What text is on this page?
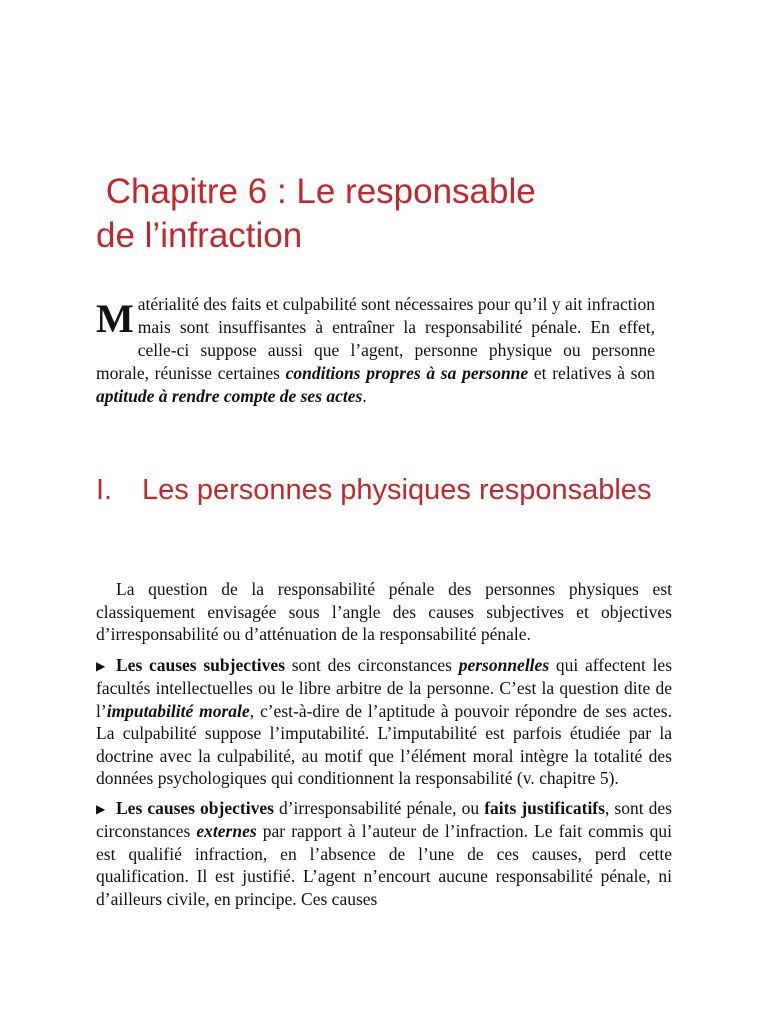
Chapitre 6 : Le responsable
de l’infraction

Matérialité des faits et culpabilité sont nécessaires pour qu’il y ait infraction mais sont insuffisantes à entraîner la responsabilité pénale. En effet, celle-ci suppose aussi que l’agent, personne physique ou personne morale, réunisse certaines conditions propres à sa personne et relatives à son aptitude à rendre compte de ses actes.

I. Les personnes physiques responsables

La question de la responsabilité pénale des personnes physiques est classiquement envisagée sous l’angle des causes subjectives et objectives d’irresponsabilité ou d’atténuation de la responsabilité pénale.

▶ Les causes subjectives sont des circonstances personnelles qui affectent les facultés intellectuelles ou le libre arbitre de la personne. C’est la question dite de l’imputabilité morale, c’est-à-dire de l’aptitude à pouvoir répondre de ses actes. La culpabilité suppose l’imputabilité. L’imputabilité est parfois étudiée par la doctrine avec la culpabilité, au motif que l’élément moral intègre la totalité des données psychologiques qui conditionnent la responsabilité (v. chapitre 5).

▶ Les causes objectives d’irresponsabilité pénale, ou faits justificatifs, sont des circonstances externes par rapport à l’auteur de l’infraction. Le fait commis qui est qualifié infraction, en l’absence de l’une de ces causes, perd cette qualification. Il est justifié. L’agent n’encourt aucune responsabilité pénale, ni d’ailleurs civile, en principe. Ces causes
